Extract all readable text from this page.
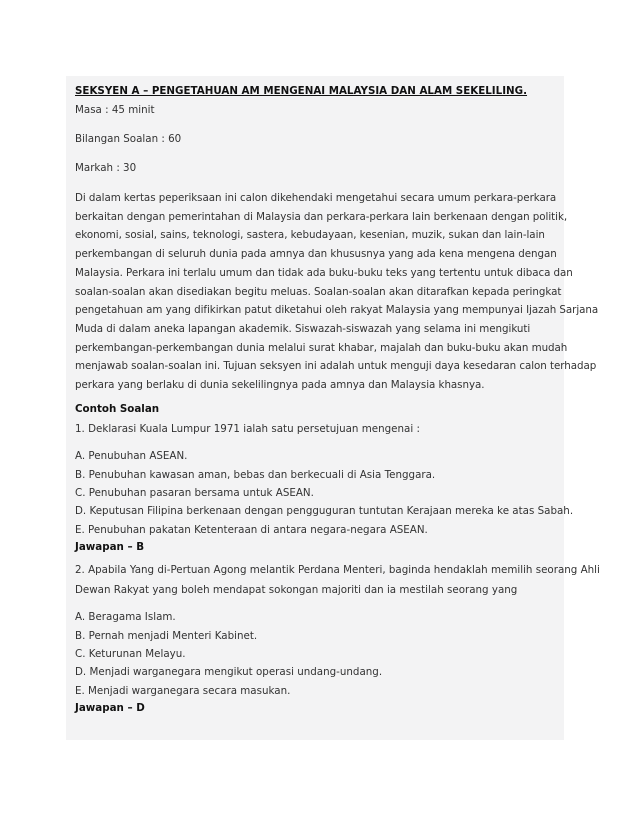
SEKSYEN A – PENGETAHUAN AM MENGENAI MALAYSIA DAN ALAM SEKELILING.
Masa : 45 minit
Bilangan Soalan : 60
Markah : 30
Di dalam kertas peperiksaan ini calon dikehendaki mengetahui secara umum perkara-perkara
berkaitan dengan pemerintahan di Malaysia dan perkara-perkara lain berkenaan dengan politik,
ekonomi, sosial, sains, teknologi, sastera, kebudayaan, kesenian, muzik, sukan dan lain-lain
perkembangan di seluruh dunia pada amnya dan khususnya yang ada kena mengena dengan
Malaysia. Perkara ini terlalu umum dan tidak ada buku-buku teks yang tertentu untuk dibaca dan
soalan-soalan akan disediakan begitu meluas. Soalan-soalan akan ditarafkan kepada peringkat
pengetahuan am yang difikirkan patut diketahui oleh rakyat Malaysia yang mempunyai Ijazah Sarjana
Muda di dalam aneka lapangan akademik. Siswazah-siswazah yang selama ini mengikuti
perkembangan-perkembangan dunia melalui surat khabar, majalah dan buku-buku akan mudah
menjawab soalan-soalan ini. Tujuan seksyen ini adalah untuk menguji daya kesedaran calon terhadap
perkara yang berlaku di dunia sekelilingnya pada amnya dan Malaysia khasnya.
Contoh Soalan
1. Deklarasi Kuala Lumpur 1971 ialah satu persetujuan mengenai :
A. Penubuhan ASEAN.
B. Penubuhan kawasan aman, bebas dan berkecuali di Asia Tenggara.
C. Penubuhan pasaran bersama untuk ASEAN.
D. Keputusan Filipina berkenaan dengan pengguguran tuntutan Kerajaan mereka ke atas Sabah.
E. Penubuhan pakatan Ketenteraan di antara negara-negara ASEAN.
Jawapan – B
2. Apabila Yang di-Pertuan Agong melantik Perdana Menteri, baginda hendaklah memilih seorang Ahli
Dewan Rakyat yang boleh mendapat sokongan majoriti dan ia mestilah seorang yang
A. Beragama Islam.
B. Pernah menjadi Menteri Kabinet.
C. Keturunan Melayu.
D. Menjadi warganegara mengikut operasi undang-undang.
E. Menjadi warganegara secara masukan.
Jawapan – D
